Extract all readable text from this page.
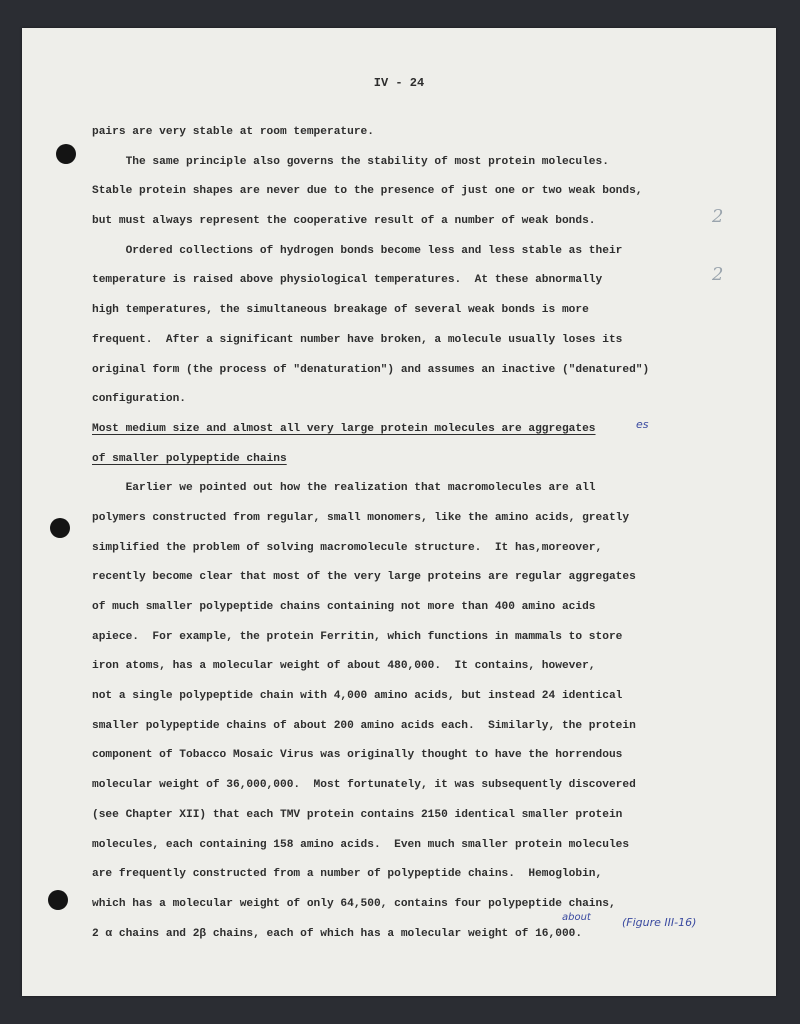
IV - 24
pairs are very stable at room temperature.
The same principle also governs the stability of most protein molecules.
Stable protein shapes are never due to the presence of just one or two weak bonds,
but must always represent the cooperative result of a number of weak bonds.
Ordered collections of hydrogen bonds become less and less stable as their
temperature is raised above physiological temperatures.  At these abnormally
high temperatures, the simultaneous breakage of several weak bonds is more
frequent.  After a significant number have broken, a molecule usually loses its
original form (the process of "denaturation") and assumes an inactive ("denatured")
configuration.
Most medium size and almost all very large protein molecules are aggregates
of smaller polypeptide chains
Earlier we pointed out how the realization that macromolecules are all
polymers constructed from regular, small monomers, like the amino acids, greatly
simplified the problem of solving macromolecule structure.  It has,moreover,
recently become clear that most of the very large proteins are regular aggregates
of much smaller polypeptide chains containing not more than 400 amino acids
apiece.  For example, the protein Ferritin, which functions in mammals to store
iron atoms, has a molecular weight of about 480,000.  It contains, however,
not a single polypeptide chain with 4,000 amino acids, but instead 24 identical
smaller polypeptide chains of about 200 amino acids each.  Similarly, the protein
component of Tobacco Mosaic Virus was originally thought to have the horrendous
molecular weight of 36,000,000.  Most fortunately, it was subsequently discovered
(see Chapter XII) that each TMV protein contains 2150 identical smaller protein
molecules, each containing 158 amino acids.  Even much smaller protein molecules
are frequently constructed from a number of polypeptide chains.  Hemoglobin,
which has a molecular weight of only 64,500, contains four polypeptide chains,
2 α chains and 2β chains, each of which has a molecular weight of 16,000.
es
about	(Figure III-16)
2
2
